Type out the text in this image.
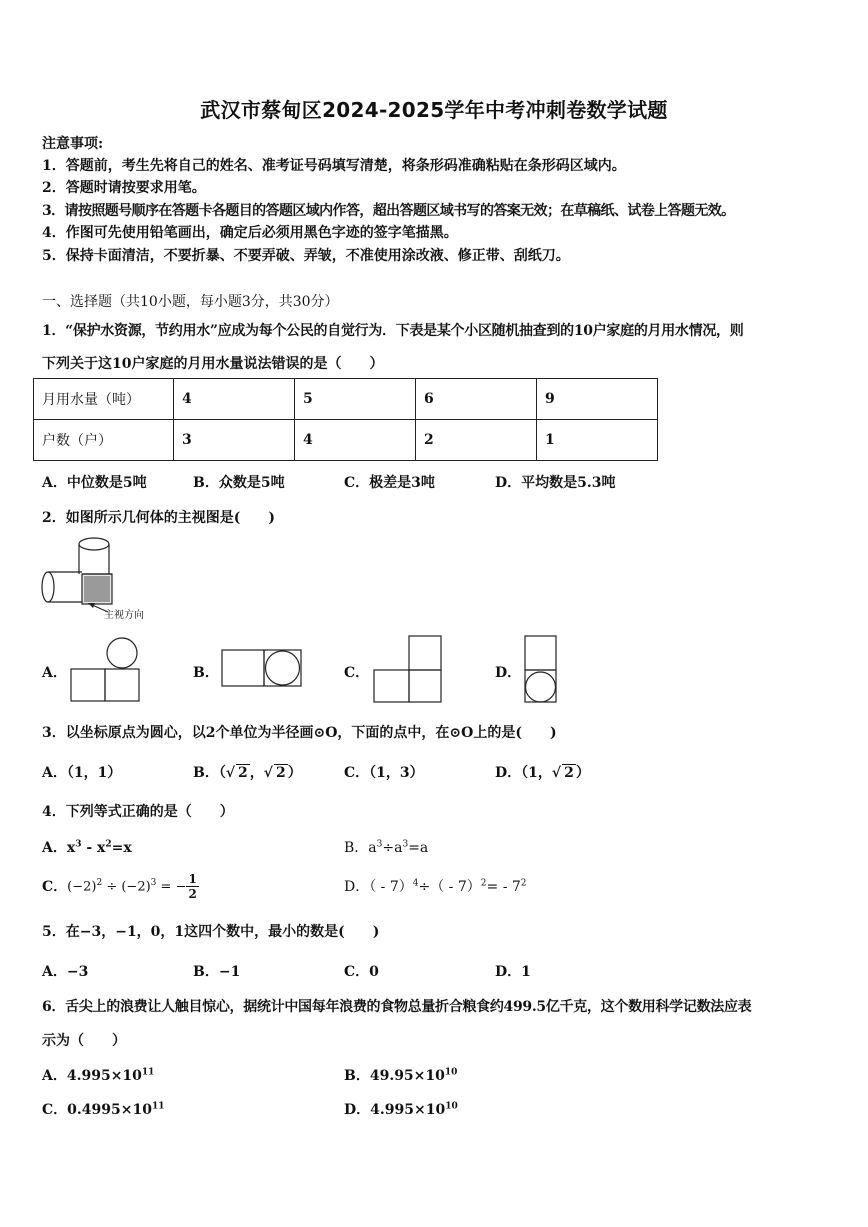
武汉市蔡甸区2024-2025学年中考冲刺卷数学试题
注意事项:
1．答题前，考生先将自己的姓名、准考证号码填写清楚，将条形码准确粘贴在条形码区域内。
2．答题时请按要求用笔。
3．请按照题号顺序在答题卡各题目的答题区域内作答，超出答题区域书写的答案无效；在草稿纸、试卷上答题无效。
4．作图可先使用铅笔画出，确定后必须用黑色字迹的签字笔描黑。
5．保持卡面清洁，不要折暴、不要弄破、弄皱，不准使用涂改液、修正带、刮纸刀。
一、选择题（共10小题，每小题3分，共30分）
1．“保护水资源，节约用水”应成为每个公民的自觉行为．下表是某个小区随机抽查到的10户家庭的月用水情况，则
下列关于这10户家庭的月用水量说法错误的是（　　）
月用水量（吨）	4	5	6	9
户数（户）	3	4	2	1
A．中位数是5吨	B．众数是5吨	C．极差是3吨	D．平均数是5.3吨
2．如图所示几何体的主视图是(　　)
主视方向
A．	B．	C．	D．
3．以坐标原点为圆心，以2个单位为半径画⊙O，下面的点中，在⊙O上的是(　　)
A．（1，1）	B．（√ 2 ，√ 2 ）	C．（1，3）	D．（1，√ 2 ）
4．下列等式正确的是（　　）
A．$x^3 - x^2=x$	B．$a^3\div a^3=a$
C． $(-2)^2 \div (-2)^3$ = − $\frac{1}{2}$	D．（ - $7)^4\div( - 7)^2= - 7^2$
5．在−3，−1，0，1这四个数中，最小的数是(　　)
A．−3	B．−1	C．0	D．1
6．舌尖上的浪费让人触目惊心，据统计中国每年浪费的食物总量折合粮食约499.5亿千克，这个数用科学记数法应表
示为（　　）
A．$4.995\times 10^{11}$	B．$49.95\times 10^{10}$
C．$0.4995\times 10^{11}$	D．$4.995\times 10^{10}$
